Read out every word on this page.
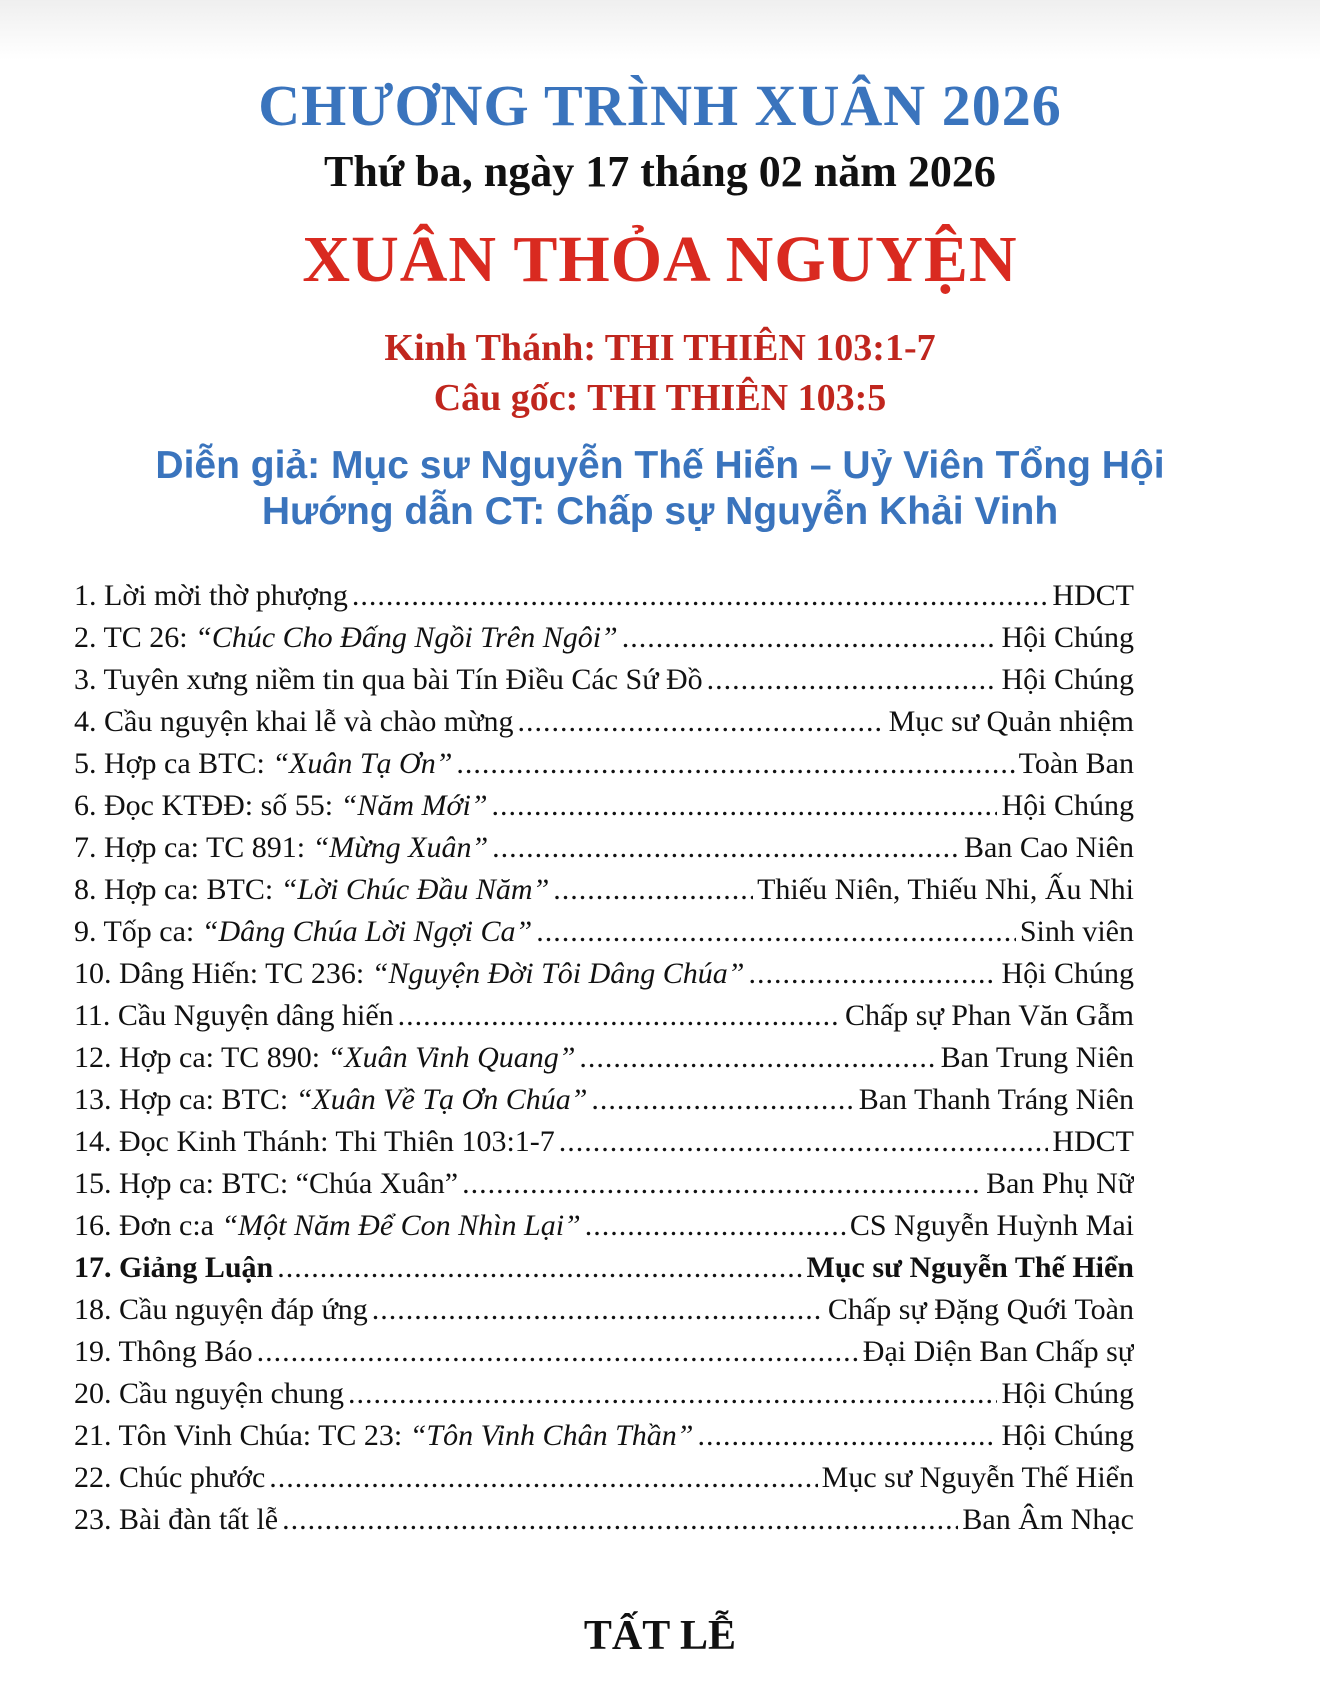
CHƯƠNG TRÌNH XUÂN 2026
Thứ ba, ngày 17 tháng 02 năm 2026
XUÂN THỎA NGUYỆN
Kinh Thánh: THI THIÊN 103:1-7
Câu gốc: THI THIÊN 103:5
Diễn giả: Mục sư Nguyễn Thế Hiển – Uỷ Viên Tổng Hội
Hướng dẫn CT: Chấp sự Nguyễn Khải Vinh
1. Lời mời thờ phượng .....	HDCT
2. TC 26: “Chúc Cho Đấng Ngồi Trên Ngôi” .....	Hội Chúng
3. Tuyên xưng niềm tin qua bài Tín Điều Các Sứ Đồ .....	Hội Chúng
4. Cầu nguyện khai lễ và chào mừng .....	Mục sư Quản nhiệm
5. Hợp ca BTC: “Xuân Tạ Ơn” .....	Toàn Ban
6. Đọc KTĐĐ: số 55: “Năm Mới” .....	Hội Chúng
7. Hợp ca: TC 891: “Mừng Xuân” .....	Ban Cao Niên
8. Hợp ca: BTC: “Lời Chúc Đầu Năm” .....	Thiếu Niên, Thiếu Nhi, Ấu Nhi
9. Tốp ca: “Dâng Chúa Lời Ngợi Ca” .....	Sinh viên
10. Dâng Hiến: TC 236: “Nguyện Đời Tôi Dâng Chúa” .....	Hội Chúng
11. Cầu Nguyện dâng hiến .....	Chấp sự Phan Văn Gẫm
12. Hợp ca: TC 890: “Xuân Vinh Quang” .....	Ban Trung Niên
13. Hợp ca: BTC: “Xuân Về Tạ Ơn Chúa” .....	Ban Thanh Tráng Niên
14. Đọc Kinh Thánh: Thi Thiên 103:1-7 .....	HDCT
15. Hợp ca: BTC: “Chúa Xuân” .....	Ban Phụ Nữ
16. Đơn c:a “Một Năm Để Con Nhìn Lại” .....	CS Nguyễn Huỳnh Mai
17. Giảng Luận .....	Mục sư Nguyễn Thế Hiển
18. Cầu nguyện đáp ứng .....	Chấp sự Đặng Quới Toàn
19. Thông Báo .....	Đại Diện Ban Chấp sự
20. Cầu nguyện chung .....	Hội Chúng
21. Tôn Vinh Chúa: TC 23: “Tôn Vinh Chân Thần” .....	Hội Chúng
22. Chúc phước .....	Mục sư Nguyễn Thế Hiển
23. Bài đàn tất lễ .....	Ban Âm Nhạc
TẤT LỄ
